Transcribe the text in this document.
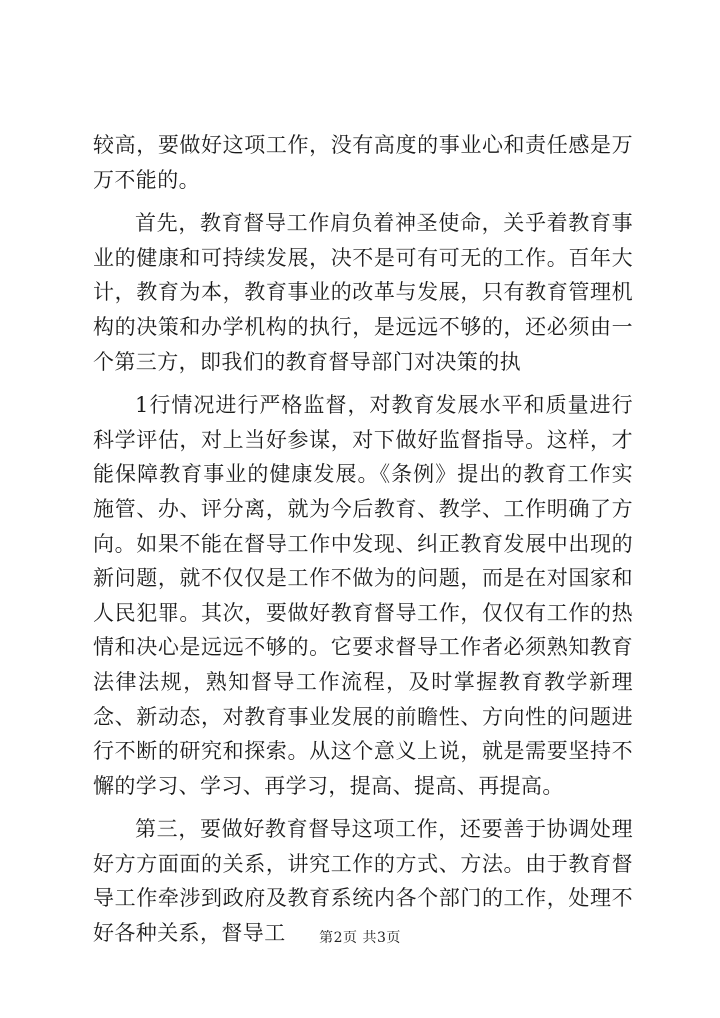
较高，要做好这项工作，没有高度的事业心和责任感是万万不能的。

首先，教育督导工作肩负着神圣使命，关乎着教育事业的健康和可持续发展，决不是可有可无的工作。百年大计，教育为本，教育事业的改革与发展，只有教育管理机构的决策和办学机构的执行，是远远不够的，还必须由一个第三方，即我们的教育督导部门对决策的执

1行情况进行严格监督，对教育发展水平和质量进行科学评估，对上当好参谋，对下做好监督指导。这样，才能保障教育事业的健康发展。《条例》提出的教育工作实施管、办、评分离，就为今后教育、教学、工作明确了方向。如果不能在督导工作中发现、纠正教育发展中出现的新问题，就不仅仅是工作不做为的问题，而是在对国家和人民犯罪。其次，要做好教育督导工作，仅仅有工作的热情和决心是远远不够的。它要求督导工作者必须熟知教育法律法规，熟知督导工作流程，及时掌握教育教学新理念、新动态，对教育事业发展的前瞻性、方向性的问题进行不断的研究和探索。从这个意义上说，就是需要坚持不懈的学习、学习、再学习，提高、提高、再提高。

第三，要做好教育督导这项工作，还要善于协调处理好方方面面的关系，讲究工作的方式、方法。由于教育督导工作牵涉到政府及教育系统内各个部门的工作，处理不好各种关系，督导工	第2页 共3页
